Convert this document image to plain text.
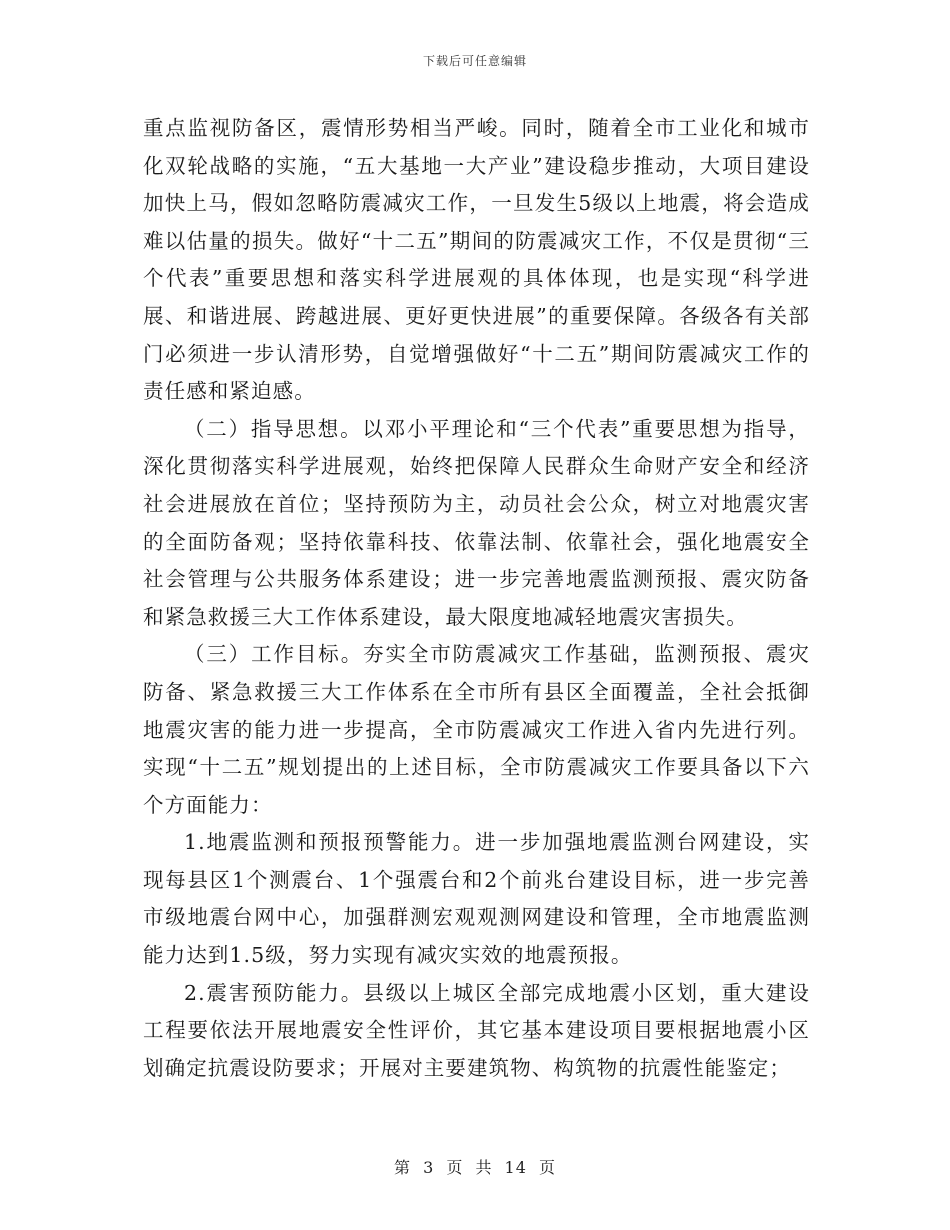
下载后可任意编辑

重点监视防备区，震情形势相当严峻。同时，随着全市工业化和城市化双轮战略的实施，“五大基地一大产业”建设稳步推动，大项目建设加快上马，假如忽略防震减灾工作，一旦发生5级以上地震，将会造成难以估量的损失。做好“十二五”期间的防震减灾工作，不仅是贯彻“三个代表”重要思想和落实科学进展观的具体体现，也是实现“科学进展、和谐进展、跨越进展、更好更快进展”的重要保障。各级各有关部门必须进一步认清形势，自觉增强做好“十二五”期间防震减灾工作的责任感和紧迫感。

（二）指导思想。以邓小平理论和“三个代表”重要思想为指导，深化贯彻落实科学进展观，始终把保障人民群众生命财产安全和经济社会进展放在首位；坚持预防为主，动员社会公众，树立对地震灾害的全面防备观；坚持依靠科技、依靠法制、依靠社会，强化地震安全社会管理与公共服务体系建设；进一步完善地震监测预报、震灾防备和紧急救援三大工作体系建设，最大限度地减轻地震灾害损失。

（三）工作目标。夯实全市防震减灾工作基础，监测预报、震灾防备、紧急救援三大工作体系在全市所有县区全面覆盖，全社会抵御地震灾害的能力进一步提高，全市防震减灾工作进入省内先进行列。实现“十二五”规划提出的上述目标，全市防震减灾工作要具备以下六个方面能力：

1.地震监测和预报预警能力。进一步加强地震监测台网建设，实现每县区1个测震台、1个强震台和2个前兆台建设目标，进一步完善市级地震台网中心，加强群测宏观观测网建设和管理，全市地震监测能力达到1.5级，努力实现有减灾实效的地震预报。

2.震害预防能力。县级以上城区全部完成地震小区划，重大建设工程要依法开展地震安全性评价，其它基本建设项目要根据地震小区划确定抗震设防要求；开展对主要建筑物、构筑物的抗震性能鉴定；

第 3 页 共 14 页
